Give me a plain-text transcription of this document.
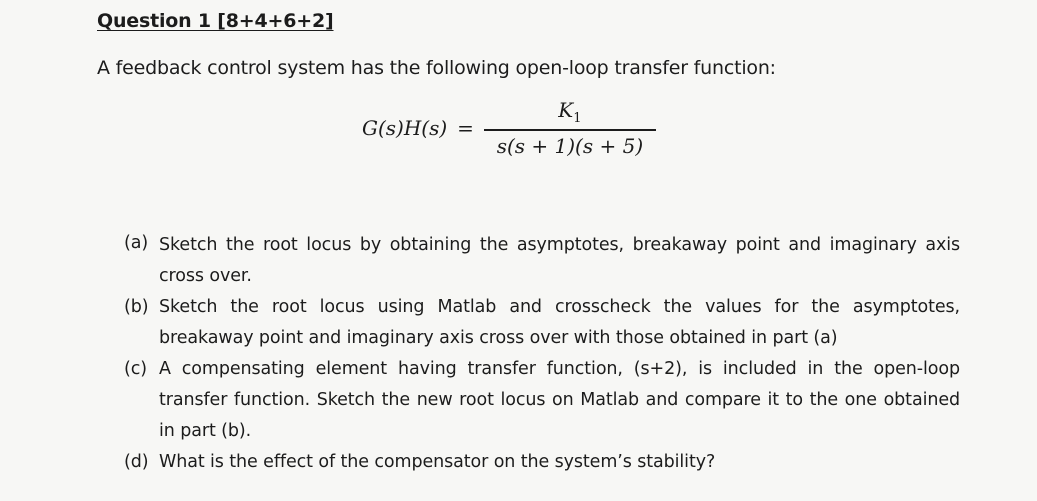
Question 1 [8+4+6+2]
A feedback control system has the following open-loop transfer function:
$G(s)H(s) = \frac{K_1}{s(s + 1)(s + 5)}$
(a) Sketch the root locus by obtaining the asymptotes, breakaway point and imaginary axis cross over.
(b) Sketch the root locus using Matlab and crosscheck the values for the asymptotes, breakaway point and imaginary axis cross over with those obtained in part (a)
(c) A compensating element having transfer function, (s+2), is included in the open-loop transfer function. Sketch the new root locus on Matlab and compare it to the one obtained in part (b).
(d) What is the effect of the compensator on the system’s stability?
